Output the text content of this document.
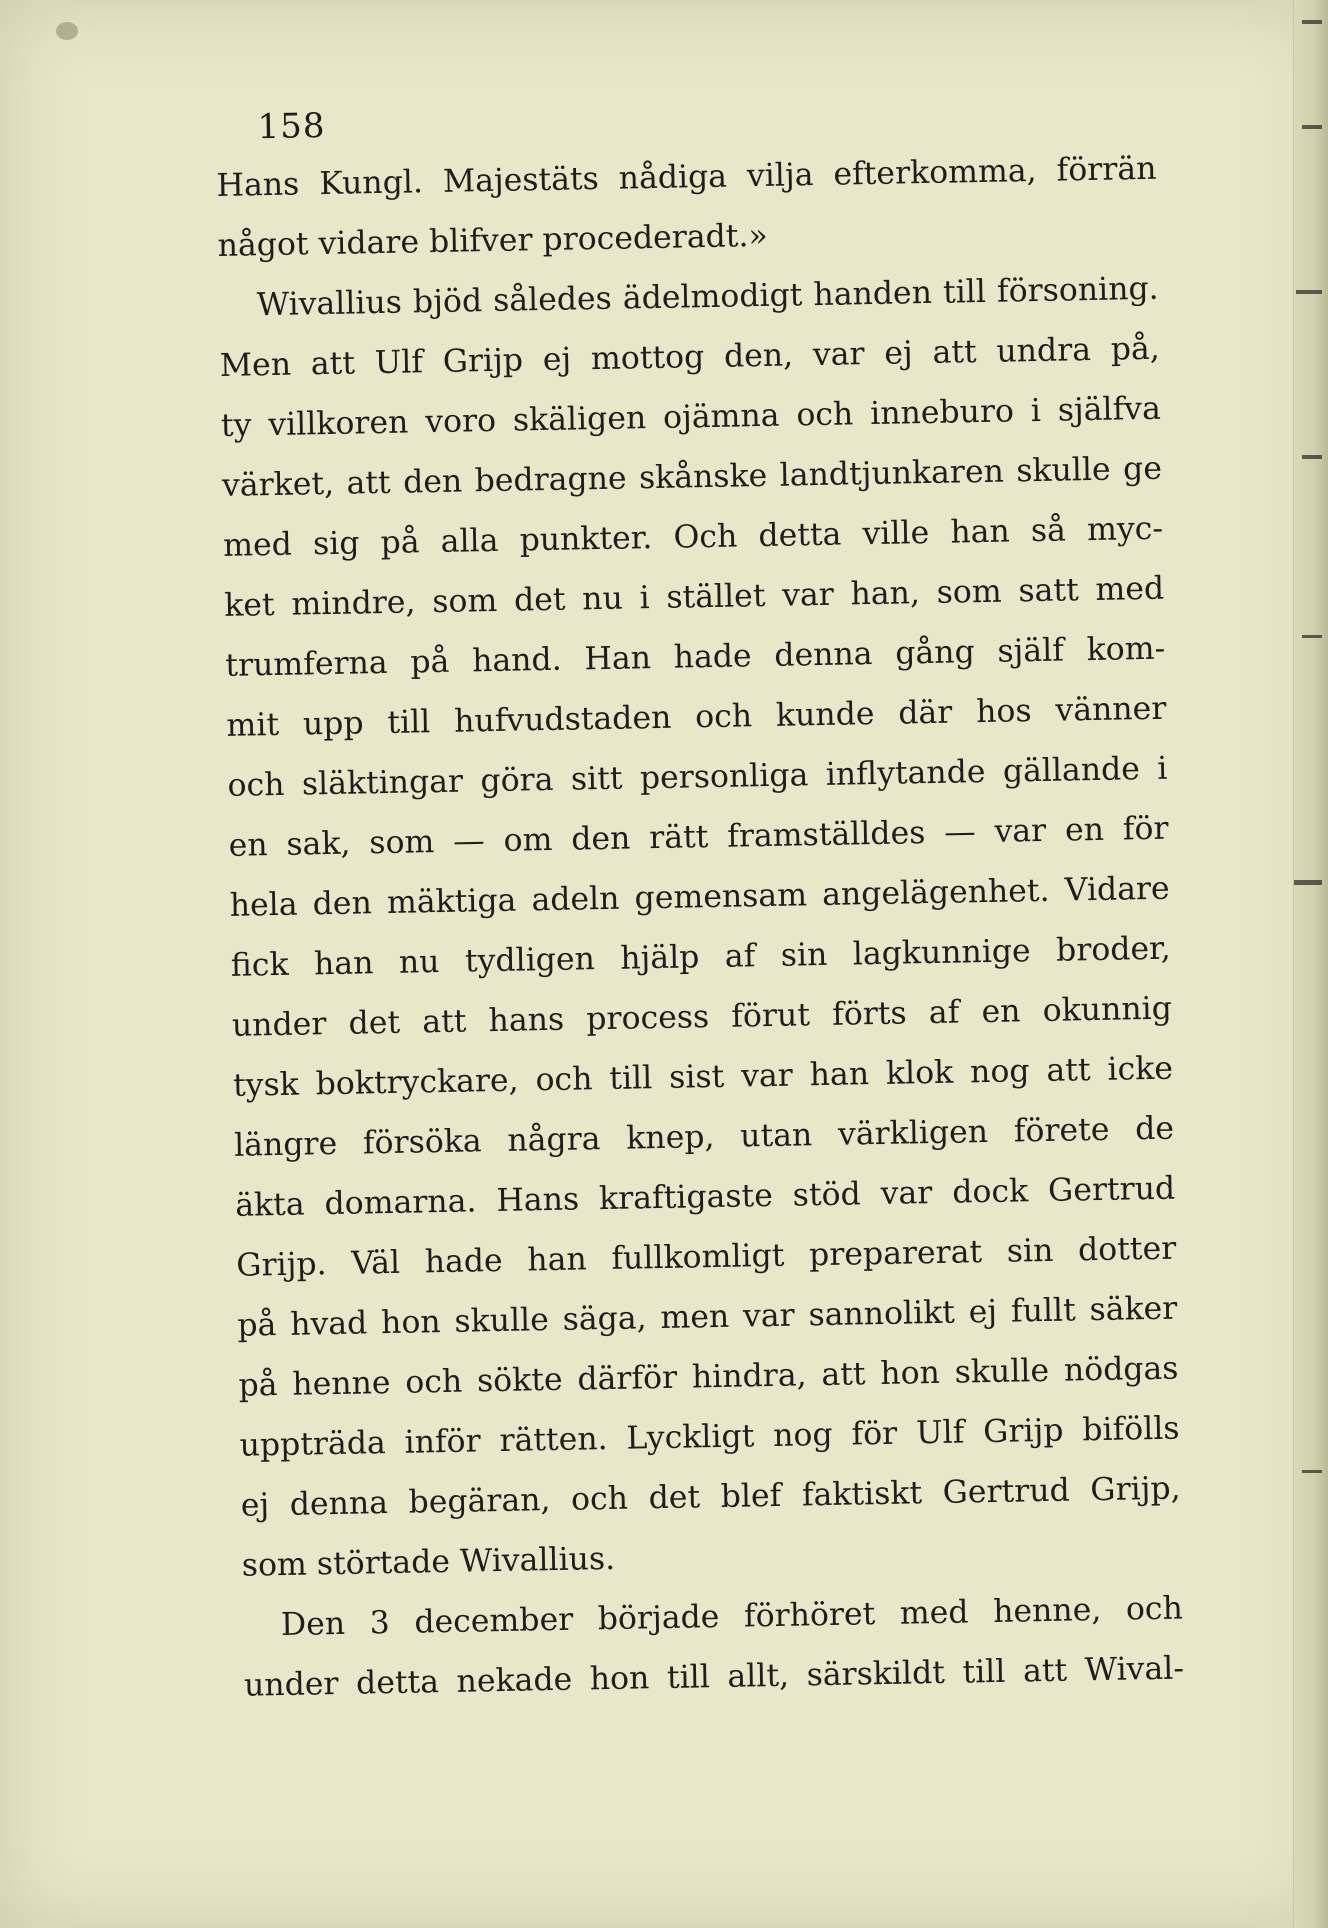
158
Hans Kungl. Majestäts nådiga vilja efterkomma, förrän
något vidare blifver procederadt.»
Wivallius bjöd således ädelmodigt handen till försoning.
Men att Ulf Grijp ej mottog den, var ej att undra på,
ty villkoren voro skäligen ojämna och inneburo i själfva
värket, att den bedragne skånske landtjunkaren skulle ge
med sig på alla punkter. Och detta ville han så myc-
ket mindre, som det nu i stället var han, som satt med
trumferna på hand. Han hade denna gång själf kom-
mit upp till hufvudstaden och kunde där hos vänner
och släktingar göra sitt personliga inflytande gällande i
en sak, som — om den rätt framställdes — var en för
hela den mäktiga adeln gemensam angelägenhet. Vidare
fick han nu tydligen hjälp af sin lagkunnige broder,
under det att hans process förut förts af en okunnig
tysk boktryckare, och till sist var han klok nog att icke
längre försöka några knep, utan värkligen förete de
äkta domarna. Hans kraftigaste stöd var dock Gertrud
Grijp. Väl hade han fullkomligt preparerat sin dotter
på hvad hon skulle säga, men var sannolikt ej fullt säker
på henne och sökte därför hindra, att hon skulle nödgas
uppträda inför rätten. Lyckligt nog för Ulf Grijp bifölls
ej denna begäran, och det blef faktiskt Gertrud Grijp,
som störtade Wivallius.
Den 3 december började förhöret med henne, och
under detta nekade hon till allt, särskildt till att Wival-
